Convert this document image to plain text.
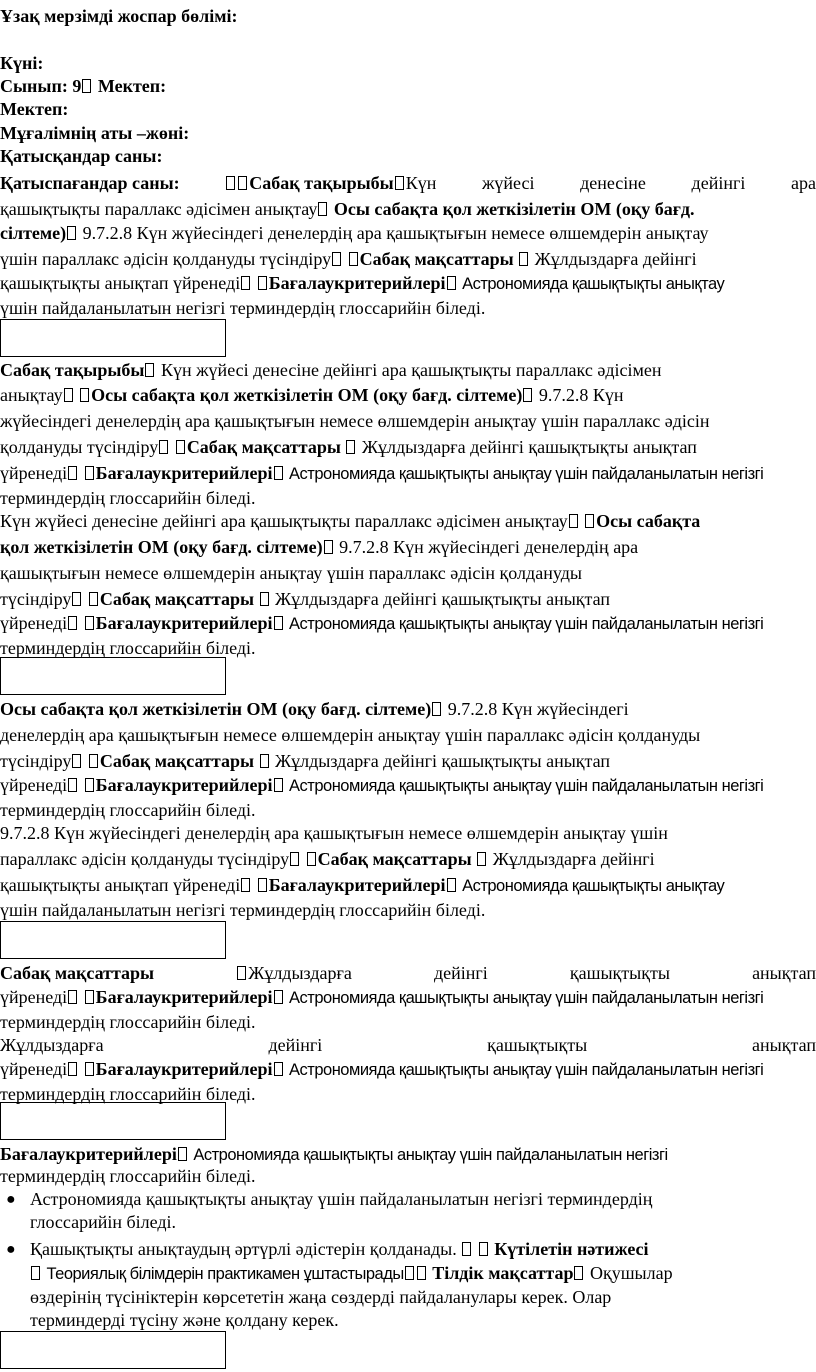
Ұзақ мерзімді жоспар бөлімі:
Күні:
Сынып: 9 Мектеп:
Мектеп:
Мұғалімнің аты –жөні:
Қатысқандар саны:
Қатыспағандар саны:	Сабақ тақырыбы Күн	жүйесі	денесіне	дейінгі	ара
қашықтықты параллакс әдісімен анықтау Осы сабақта қол жеткізілетін ОМ (оқу бағд.
сілтеме) 9.7.2.8 Күн жүйесіндегі денелердің ара қашықтығын немесе өлшемдерін анықтау
үшін параллакс әдісін қолдануды түсіндіру Сабақ мақсаттары  Жұлдыздарға дейінгі
қашықтықты анықтап үйренеді Бағалаукритерийлері Астрономияда қашықтықты анықтау
үшін пайдаланылатын негізгі терминдердің глоссарийін біледі.
Сабақ тақырыбы Күн жүйесі денесіне дейінгі ара қашықтықты параллакс әдісімен
анықтау Осы сабақта қол жеткізілетін ОМ (оқу бағд. сілтеме) 9.7.2.8 Күн
жүйесіндегі денелердің ара қашықтығын немесе өлшемдерін анықтау үшін параллакс әдісін
қолдануды түсіндіру Сабақ мақсаттары  Жұлдыздарға дейінгі қашықтықты анықтап
үйренеді Бағалаукритерийлері Астрономияда қашықтықты анықтау үшін пайдаланылатын негізгі
терминдердің глоссарийін біледі.
Күн жүйесі денесіне дейінгі ара қашықтықты параллакс әдісімен анықтау Осы сабақта
қол жеткізілетін ОМ (оқу бағд. сілтеме) 9.7.2.8 Күн жүйесіндегі денелердің ара
қашықтығын немесе өлшемдерін анықтау үшін параллакс әдісін қолдануды
түсіндіру Сабақ мақсаттары  Жұлдыздарға дейінгі қашықтықты анықтап
үйренеді Бағалаукритерийлері Астрономияда қашықтықты анықтау үшін пайдаланылатын негізгі
терминдердің глоссарийін біледі.
Осы сабақта қол жеткізілетін ОМ (оқу бағд. сілтеме) 9.7.2.8 Күн жүйесіндегі
денелердің ара қашықтығын немесе өлшемдерін анықтау үшін параллакс әдісін қолдануды
түсіндіру Сабақ мақсаттары  Жұлдыздарға дейінгі қашықтықты анықтап
үйренеді Бағалаукритерийлері Астрономияда қашықтықты анықтау үшін пайдаланылатын негізгі
терминдердің глоссарийін біледі.
9.7.2.8 Күн жүйесіндегі денелердің ара қашықтығын немесе өлшемдерін анықтау үшін
параллакс әдісін қолдануды түсіндіру Сабақ мақсаттары  Жұлдыздарға дейінгі
қашықтықты анықтап үйренеді Бағалаукритерийлері Астрономияда қашықтықты анықтау
үшін пайдаланылатын негізгі терминдердің глоссарийін біледі.
Сабақ мақсаттары	Жұлдыздарға	дейінгі	қашықтықты	анықтап
үйренеді Бағалаукритерийлері Астрономияда қашықтықты анықтау үшін пайдаланылатын негізгі
терминдердің глоссарийін біледі.
Жұлдыздарға	дейінгі	қашықтықты	анықтап
үйренеді Бағалаукритерийлері Астрономияда қашықтықты анықтау үшін пайдаланылатын негізгі
терминдердің глоссарийін біледі.
Бағалаукритерийлері Астрономияда қашықтықты анықтау үшін пайдаланылатын негізгі
терминдердің глоссарийін біледі.
● Астрономияда қашықтықты анықтау үшін пайдаланылатын негізгі терминдердің
глоссарийін біледі.
● Қашықтықты анықтаудың әртүрлі әдістерін қолданады. Күтілетін нәтижесі
Теориялық білімдерін практикамен ұштастырады Тілдік мақсаттар Оқушылар
өздерінің түсініктерін көрсететін жаңа сөздерді пайдаланулары керек. Олар
терминдерді түсіну және қолдану керек.
